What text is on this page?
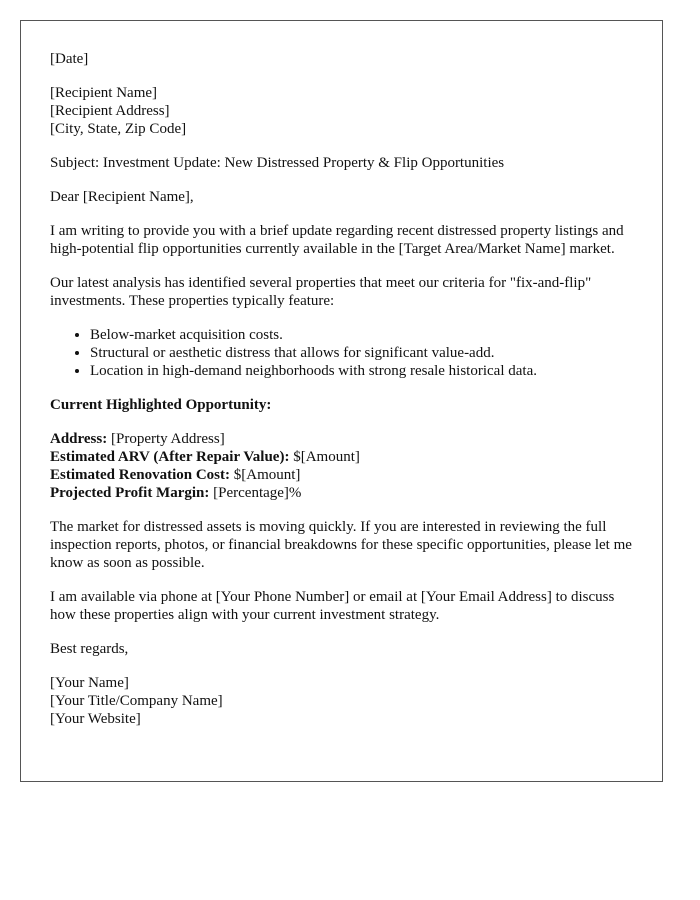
[Date]

[Recipient Name]
[Recipient Address]
[City, State, Zip Code]

Subject: Investment Update: New Distressed Property & Flip Opportunities

Dear [Recipient Name],

I am writing to provide you with a brief update regarding recent distressed property listings and high-potential flip opportunities currently available in the [Target Area/Market Name] market.

Our latest analysis has identified several properties that meet our criteria for "fix-and-flip" investments. These properties typically feature:

• Below-market acquisition costs.
• Structural or aesthetic distress that allows for significant value-add.
• Location in high-demand neighborhoods with strong resale historical data.

Current Highlighted Opportunity:

Address: [Property Address]
Estimated ARV (After Repair Value): $[Amount]
Estimated Renovation Cost: $[Amount]
Projected Profit Margin: [Percentage]%

The market for distressed assets is moving quickly. If you are interested in reviewing the full inspection reports, photos, or financial breakdowns for these specific opportunities, please let me know as soon as possible.

I am available via phone at [Your Phone Number] or email at [Your Email Address] to discuss how these properties align with your current investment strategy.

Best regards,

[Your Name]
[Your Title/Company Name]
[Your Website]
